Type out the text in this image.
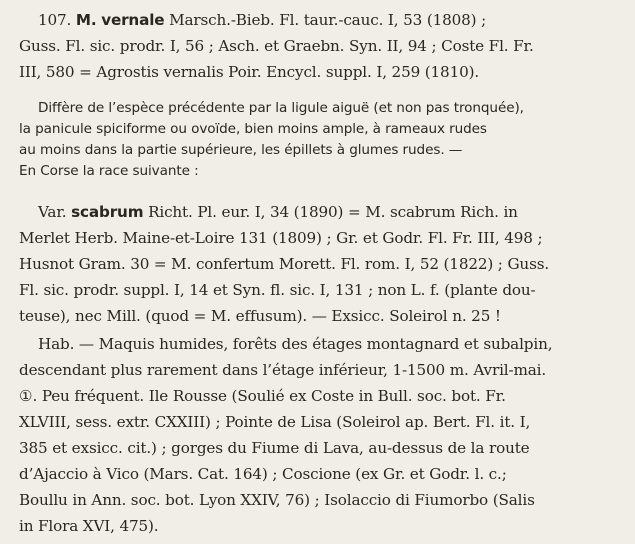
107. M. vernale Marsch.-Bieb. Fl. taur.-cauc. I, 53 (1808) ;
Guss. Fl. sic. prodr. I, 56 ; Asch. et Graebn. Syn. II, 94 ; Coste Fl. Fr.
III, 580 = Agrostis vernalis Poir. Encycl. suppl. I, 259 (1810).
Diffère de l’espèce précédente par la ligule aiguë (et non pas tronquée),
la panicule spiciforme ou ovoïde, bien moins ample, à rameaux rudes
au moins dans la partie supérieure, les épillets à glumes rudes. —
En Corse la race suivante :
Var. scabrum Richt. Pl. eur. I, 34 (1890) = M. scabrum Rich. in
Merlet Herb. Maine-et-Loire 131 (1809) ; Gr. et Godr. Fl. Fr. III, 498 ;
Husnot Gram. 30 = M. confertum Morett. Fl. rom. I, 52 (1822) ; Guss.
Fl. sic. prodr. suppl. I, 14 et Syn. fl. sic. I, 131 ; non L. f. (plante dou-
teuse), nec Mill. (quod = M. effusum). — Exsicc. Soleirol n. 25 !
Hab. — Maquis humides, forêts des étages montagnard et subalpin,
descendant plus rarement dans l’étage inférieur, 1-1500 m. Avril-mai.
①. Peu fréquent. Ile Rousse (Soulié ex Coste in Bull. soc. bot. Fr.
XLVIII, sess. extr. CXXIII) ; Pointe de Lisa (Soleirol ap. Bert. Fl. it. I,
385 et exsicc. cit.) ; gorges du Fiume di Lava, au-dessus de la route
d’Ajaccio à Vico (Mars. Cat. 164) ; Coscione (ex Gr. et Godr. l. c.;
Boullu in Ann. soc. bot. Lyon XXIV, 76) ; Isolaccio di Fiumorbo (Salis
in Flora XVI, 475).
